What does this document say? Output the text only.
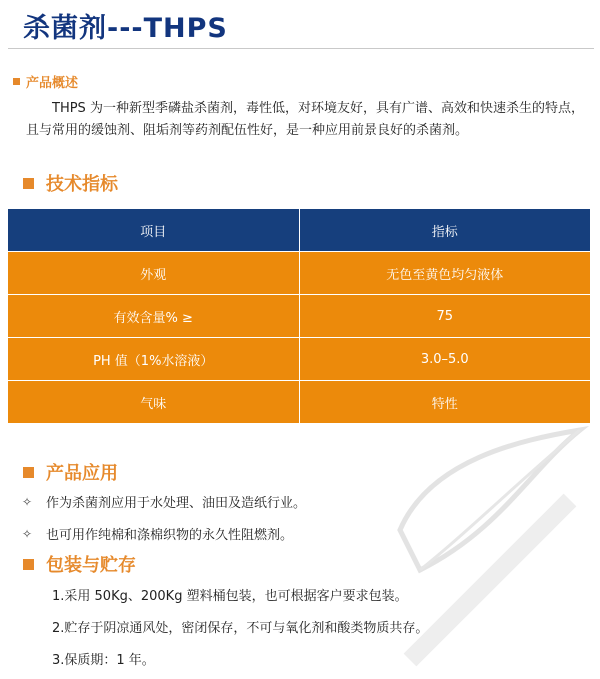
杀菌剂---THPS
产品概述
THPS 为一种新型季磷盐杀菌剂，毒性低，对环境友好，具有广谱、高效和快速杀生的特点，且与常用的缓蚀剂、阻垢剂等药剂配伍性好，是一种应用前景良好的杀菌剂。
技术指标
项目	指标
外观	无色至黄色均匀液体
有效含量% ≥	75
PH 值（1%水溶液）	3.0–5.0
气味	特性
产品应用
✧	作为杀菌剂应用于水处理、油田及造纸行业。
✧	也可用作纯棉和涤棉织物的永久性阻燃剂。
包装与贮存
1.采用 50Kg、200Kg 塑料桶包装，也可根据客户要求包装。
2.贮存于阴凉通风处，密闭保存，不可与氧化剂和酸类物质共存。
3.保质期：1 年。
